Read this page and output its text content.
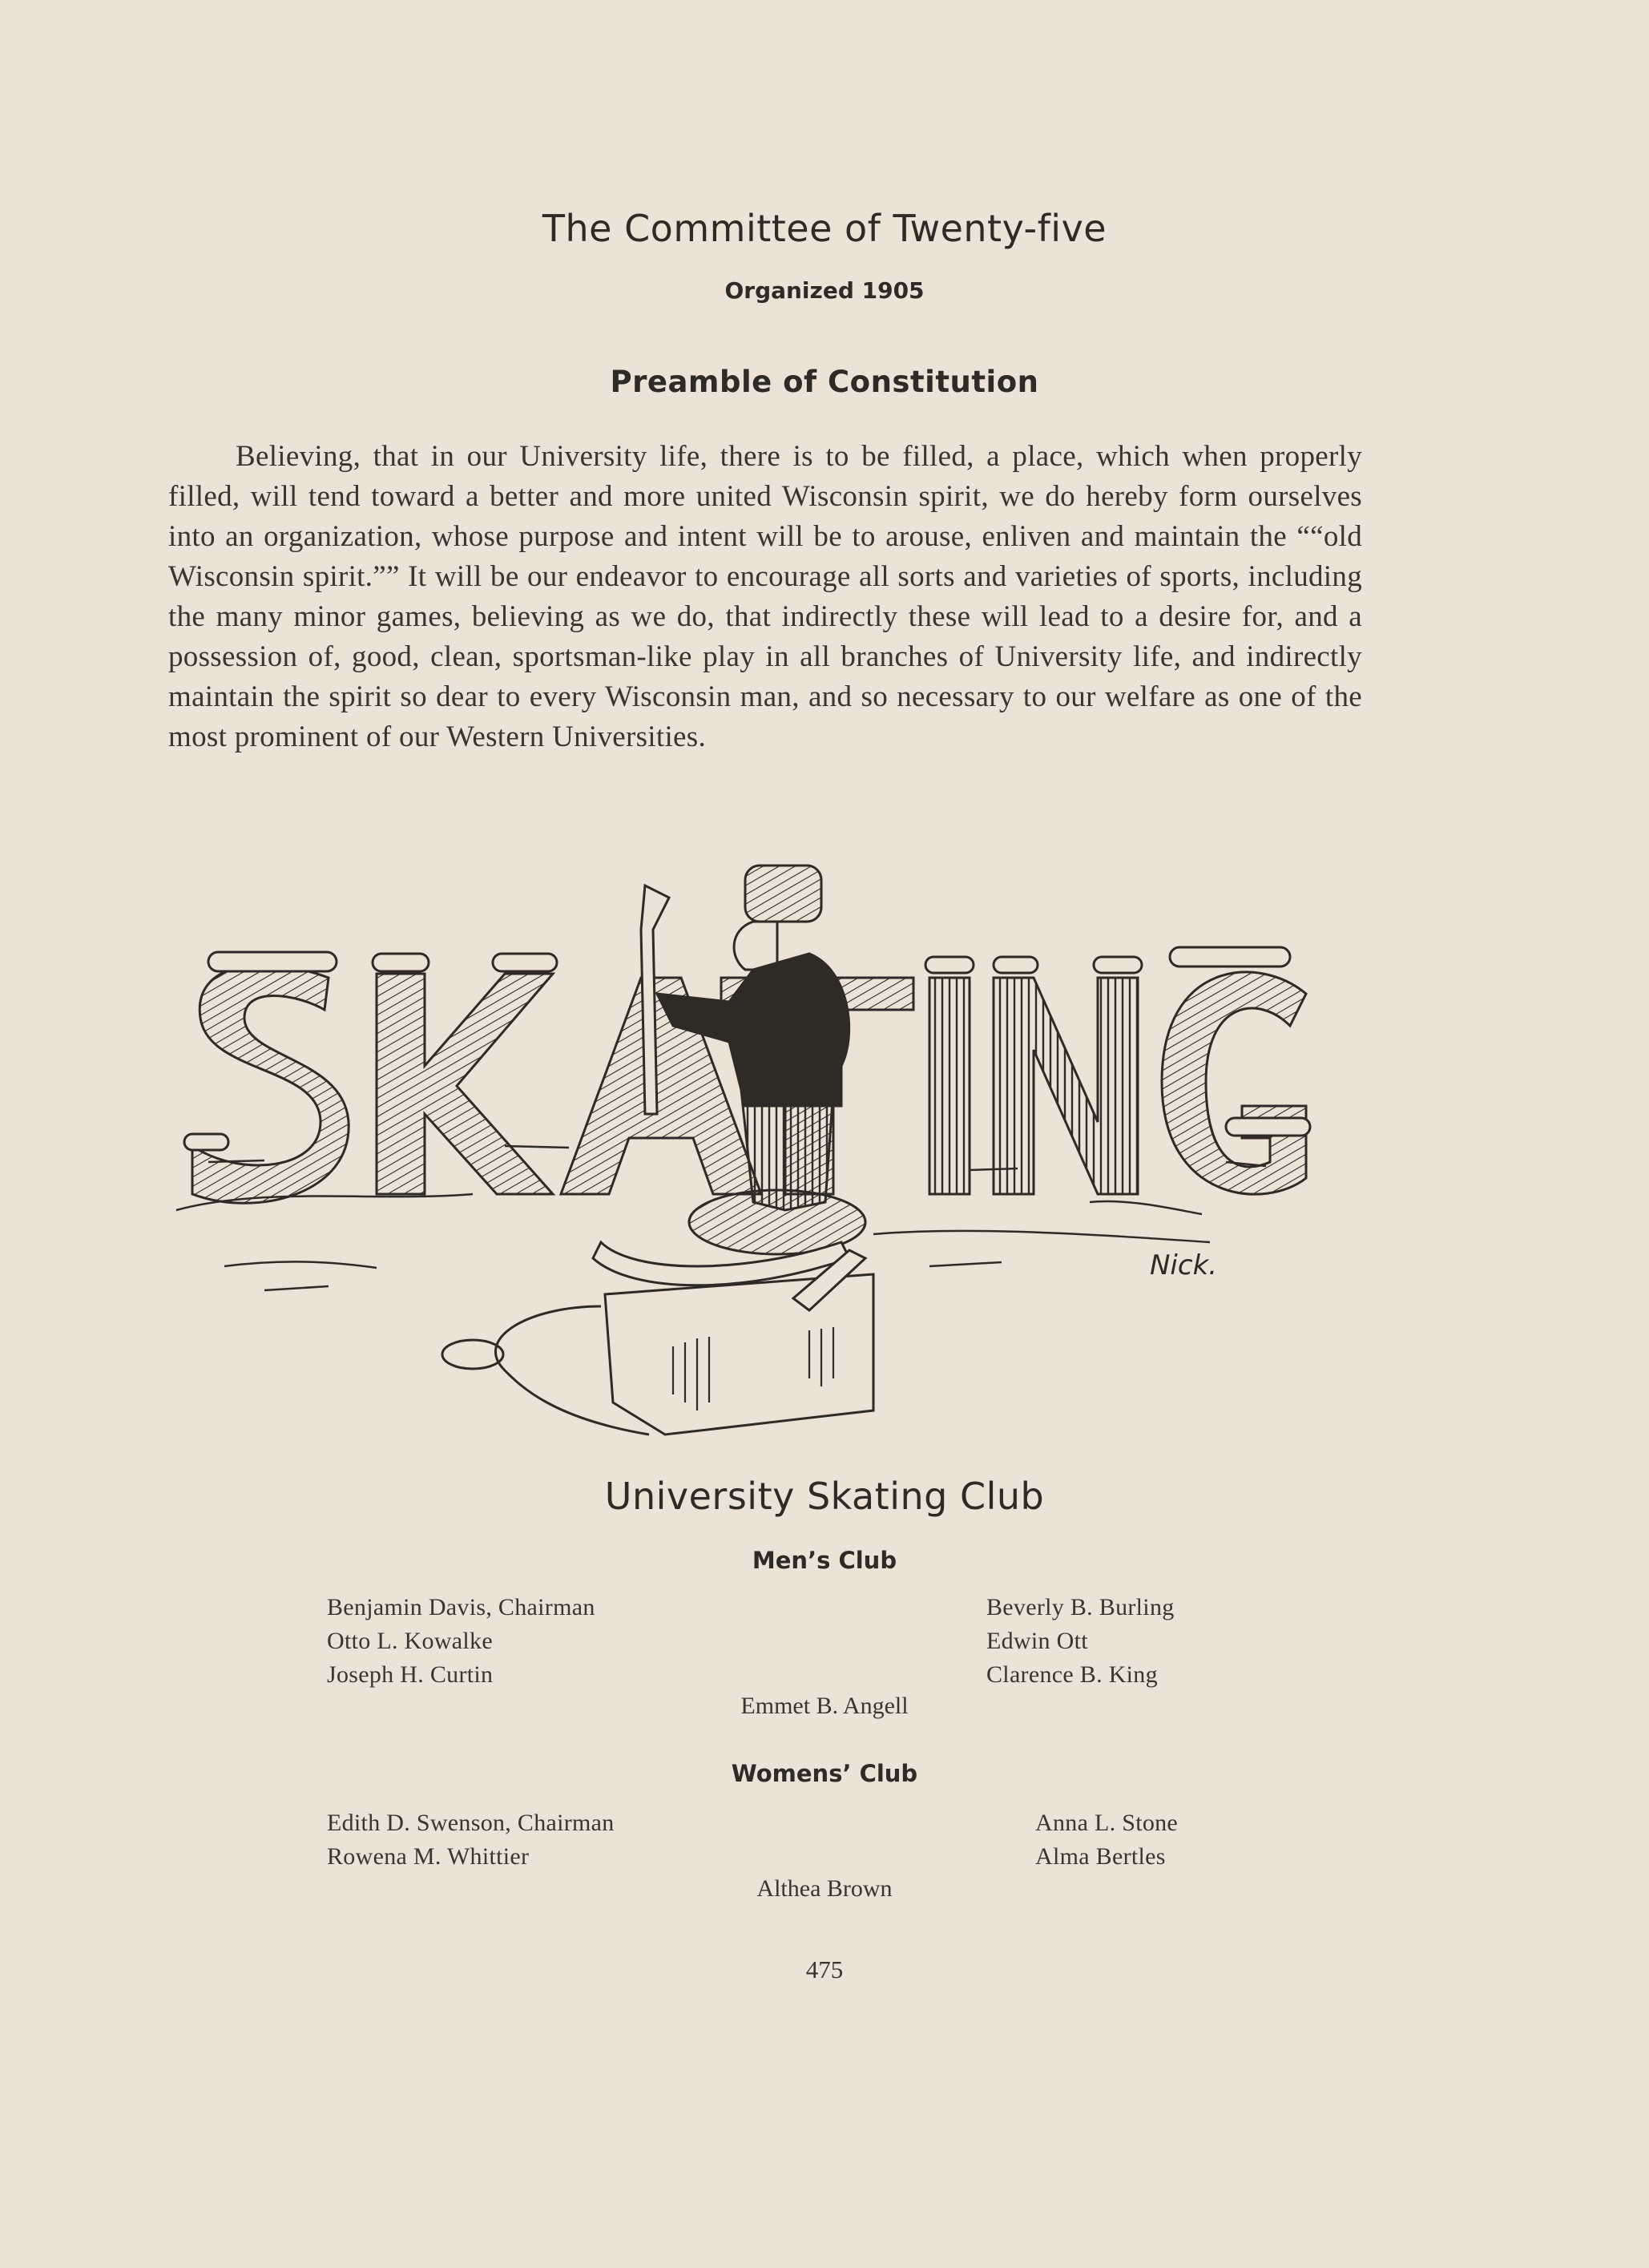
The Committee of Twenty-five
Organized 1905
Preamble of Constitution

Believing, that in our University life, there is to be filled, a place, which when properly filled, will tend toward a better and more united Wisconsin spirit, we do hereby form ourselves into an organization, whose purpose and intent will be to arouse, enliven and maintain the ““old Wisconsin spirit.”” It will be our endeavor to encourage all sorts and varieties of sports, including the many minor games, believing as we do, that indirectly these will lead to a desire for, and a possession of, good, clean, sportsman-like play in all branches of University life, and indirectly maintain the spirit so dear to every Wisconsin man, and so necessary to our welfare as one of the most prominent of our Western Universities.

Nick.
University Skating Club
Men’s Club
Benjamin Davis, Chairman
Otto L. Kowalke
Joseph H. Curtin
Beverly B. Burling
Edwin Ott
Clarence B. King
Emmet B. Angell
Womens’ Club
Edith D. Swenson, Chairman
Rowena M. Whittier
Anna L. Stone
Alma Bertles
Althea Brown
475
